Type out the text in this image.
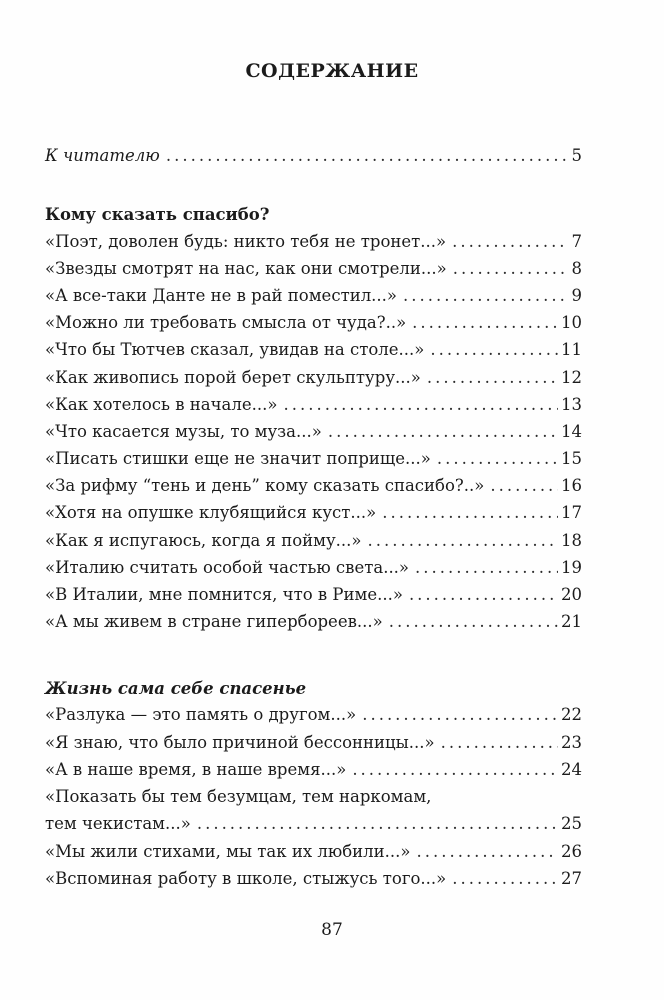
СОДЕРЖАНИЕ
К читателю .....	5
Кому сказать спасибо?
«Поэт, доволен будь: никто тебя не тронет...» .....	7
«Звезды смотрят на нас, как они смотрели...» .....	8
«А все-таки Данте не в рай поместил...» .....	9
«Можно ли требовать смысла от чуда?..» .....	10
«Что бы Тютчев сказал, увидав на столе...» .....	11
«Как живопись порой берет скульптуру...» .....	12
«Как хотелось в начале...» .....	13
«Что касается музы, то муза...» .....	14
«Писать стишки еще не значит поприще...» .....	15
«За рифму “тень и день” кому сказать спасибо?..» .....	16
«Хотя на опушке клубящийся куст...» .....	17
«Как я испугаюсь, когда я пойму...» .....	18
«Италию считать особой частью света...» .....	19
«В Италии, мне помнится, что в Риме...» .....	20
«А мы живем в стране гипербореев...» .....	21
Жизнь сама себе спасенье
«Разлука — это память о другом...» .....	22
«Я знаю, что было причиной бессонницы...» .....	23
«А в наше время, в наше время...» .....	24
«Показать бы тем безумцам, тем наркомам,
тем чекистам...» .....	25
«Мы жили стихами, мы так их любили...» .....	26
«Вспоминая работу в школе, стыжусь того...» .....	27
87
